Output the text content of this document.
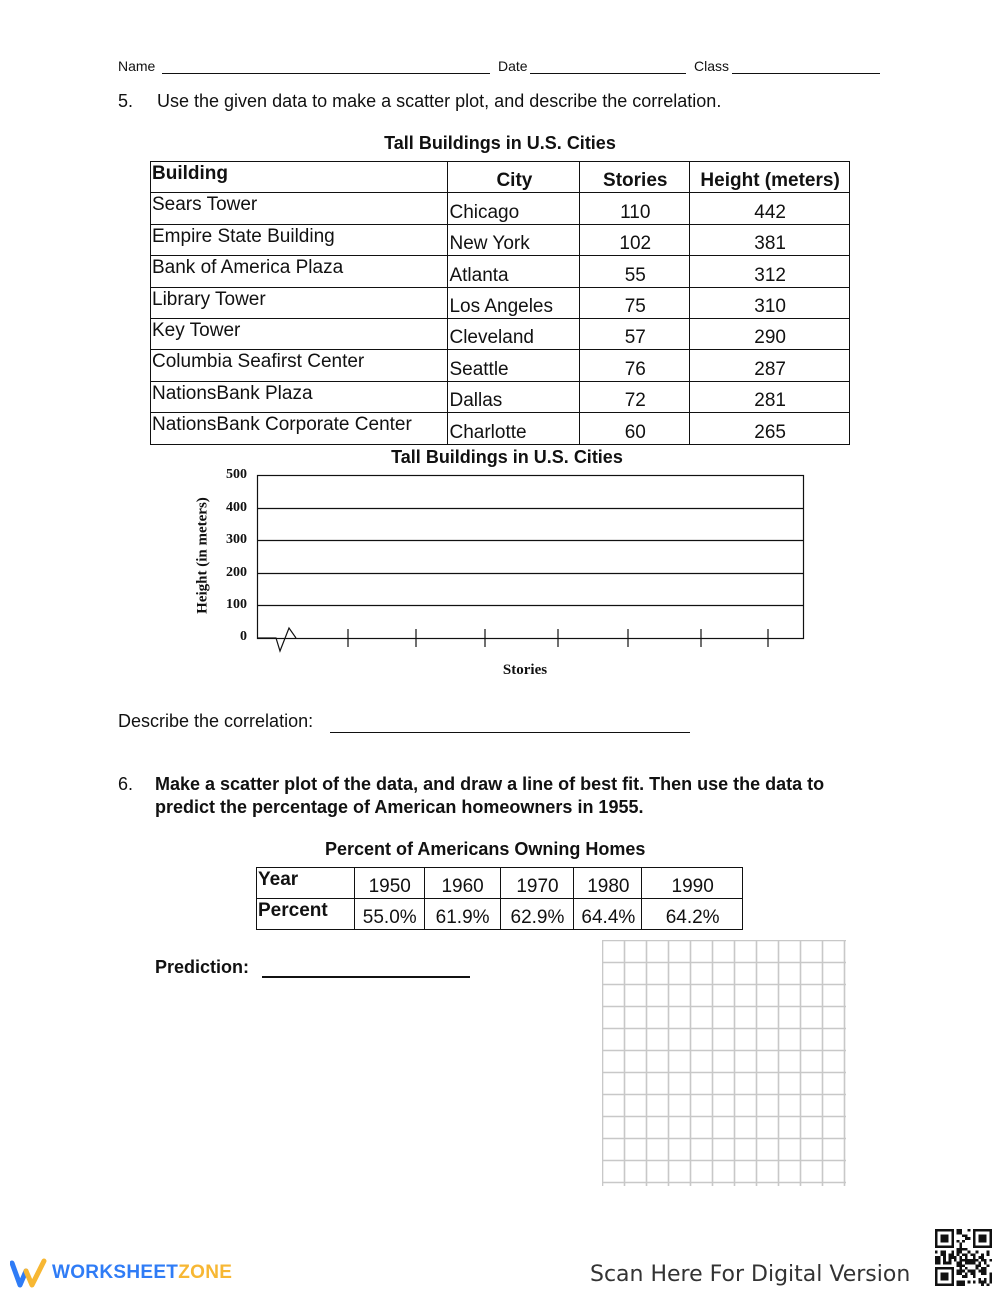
Name	Date	Class
5. Use the given data to make a scatter plot, and describe the correlation.
Tall Buildings in U.S. Cities
Building	City	Stories	Height (meters)
Sears Tower	Chicago	110	442
Empire State Building	New York	102	381
Bank of America Plaza	Atlanta	55	312
Library Tower	Los Angeles	75	310
Key Tower	Cleveland	57	290
Columbia Seafirst Center	Seattle	76	287
NationsBank Plaza	Dallas	72	281
NationsBank Corporate Center	Charlotte	60	265
Tall Buildings in U.S. Cities
500
400
300
200
100
0
Height (in meters)
Stories
Describe the correlation:
6. Make a scatter plot of the data, and draw a line of best fit. Then use the data to
predict the percentage of American homeowners in 1955.
Percent of Americans Owning Homes
Year	1950	1960	1970	1980	1990
Percent	55.0%	61.9%	62.9%	64.4%	64.2%
Prediction:
WORKSHEETZONE	Scan Here For Digital Version
